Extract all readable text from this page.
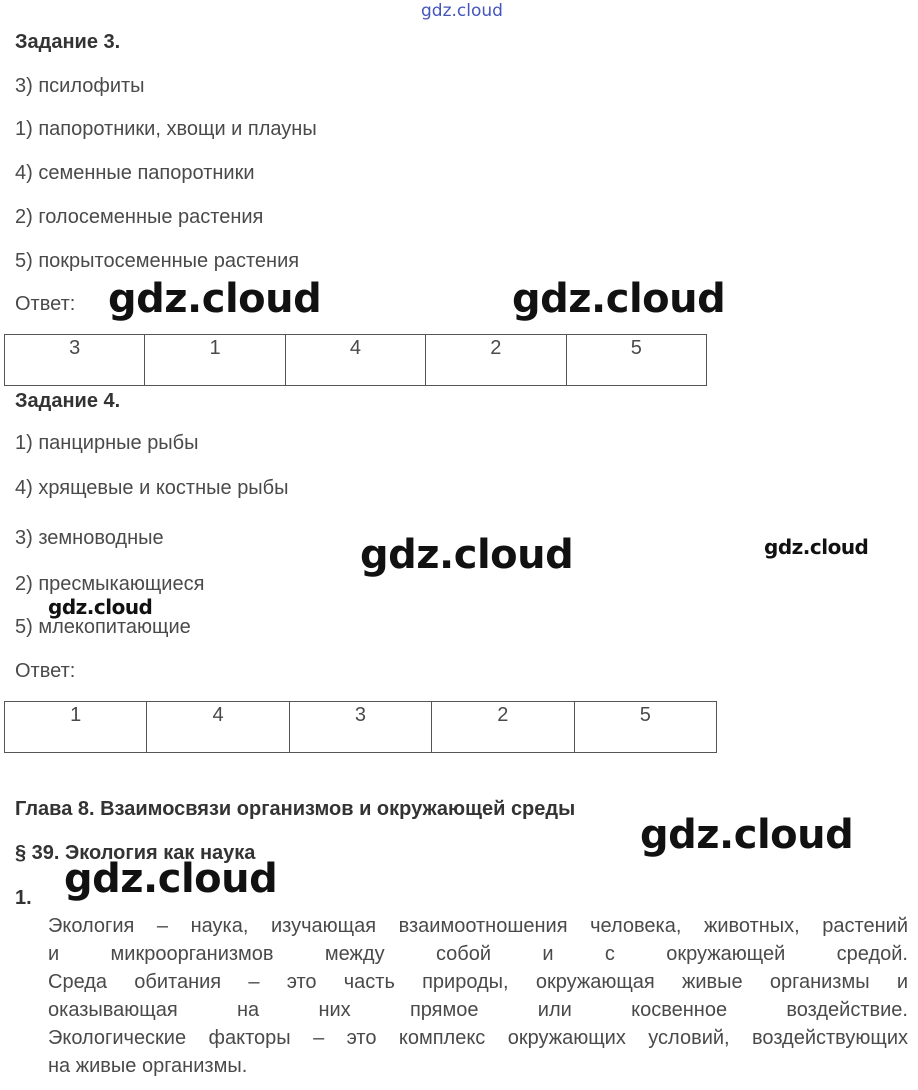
gdz.cloud
Задание 3.
3) псилофиты
1) папоротники, хвощи и плауны
4) семенные папоротники
2) голосеменные растения
5) покрытосеменные растения
Ответ: gdz.cloud	gdz.cloud
3	1	4	2	5
Задание 4.
1) панцирные рыбы
4) хрящевые и костные рыбы
3) земноводные
2) пресмыкающиеся
5) млекопитающие
Ответ:
gdz.cloud	gdz.cloud
gdz.cloud
1	4	3	2	5
Глава 8. Взаимосвязи организмов и окружающей среды
§ 39. Экология как наука
1.
gdz.cloud
gdz.cloud

Экология – наука, изучающая взаимоотношения человека, животных, растений

и микроорганизмов между собой и с окружающей средой.

Среда обитания – это часть природы, окружающая живые организмы и

оказывающая на них прямое или косвенное воздействие.

Экологические факторы – это комплекс окружающих условий, воздействующих

на живые организмы.
